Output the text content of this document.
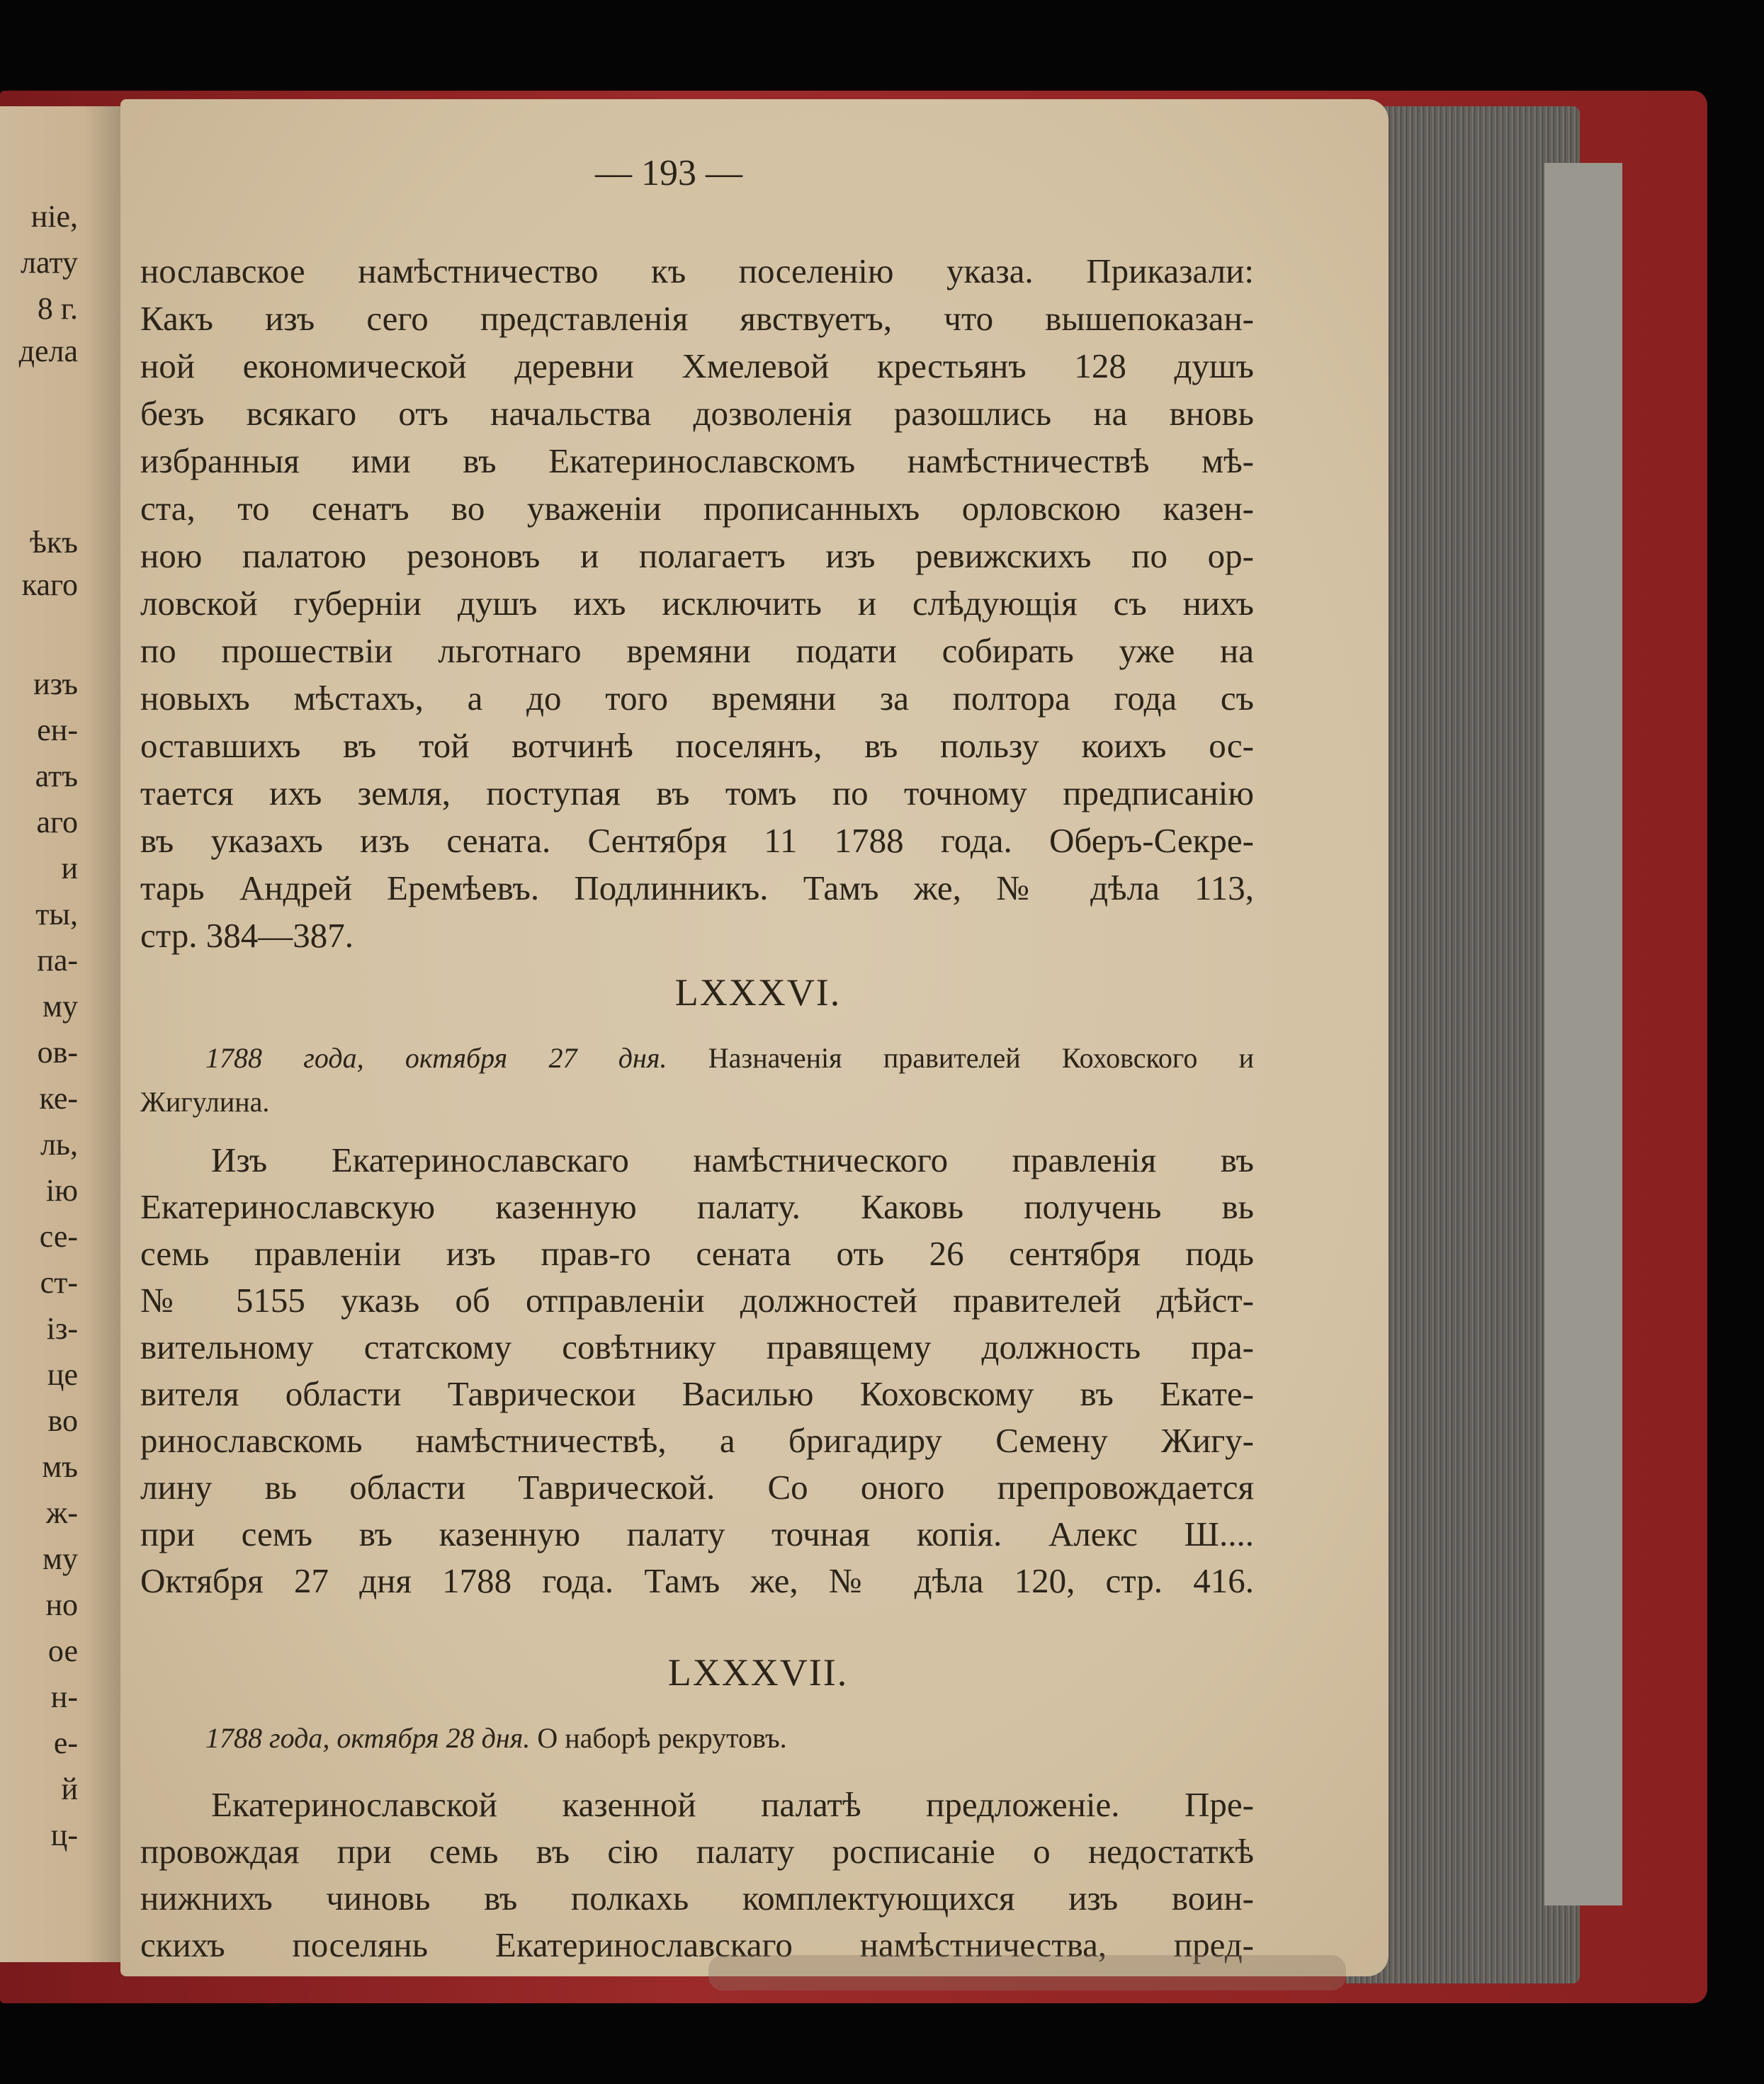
ніе,
лату
8 г.
дела
ѣкъ
каго
изъ
ен-
атъ
аго
и
ты,
па-
му
ов-
ке-
ль,
ію
се-
ст-
із-
це
во
мъ
ж-
му
но
ое
н-
е-
й
ц-
— 193 —
нославское намѣстничество къ поселенію указа. Приказали:
Какъ изъ сего представленія явствуетъ, что вышепоказан-
ной економической деревни Хмелевой крестьянъ 128 душъ
безъ всякаго отъ начальства дозволенія разошлись на вновь
избранныя ими въ Екатеринославскомъ намѣстничествѣ мѣ-
ста, то сенатъ во уваженіи прописанныхъ орловскою казен-
ною палатою резоновъ и полагаетъ изъ ревижскихъ по ор-
ловской губерніи душъ ихъ исключить и слѣдующія съ нихъ
по прошествіи льготнаго времяни подати собирать уже на
новыхъ мѣстахъ, а до того времяни за полтора года съ
оставшихъ въ той вотчинѣ поселянъ, въ пользу коихъ ос-
тается ихъ земля, поступая въ томъ по точному предписанію
въ указахъ изъ сената. Сентября 11 1788 года. Оберъ-Секре-
тарь Андрей Еремѣевъ. Подлинникъ. Тамъ же, № дѣла 113,
стр. 384—387.
LXXXVI.
1788 года, октября 27 дня. Назначенія правителей Коховского и
Жигулина.
Изъ Екатеринославскаго намѣстнического правленія въ
Екатеринославскую казенную палату. Каковь получень вь
семь правленіи изъ прав-го сената оть 26 сентября подь
№ 5155 указь об отправленіи должностей правителей дѣйст-
вительному статскому совѣтнику правящему должность пра-
вителя области Таврическои Василью Коховскому въ Екате-
ринославскомь намѣстничествѣ, а бригадиру Семену Жигу-
лину вь области Таврической. Со оного препровождается
при семъ въ казенную палату точная копія. Алекс Ш....
Октября 27 дня 1788 года. Тамъ же, № дѣла 120, стр. 416.
LXXXVII.
1788 года, октября 28 дня. О наборѣ рекрутовъ.
Екатеринославской казенной палатѣ предложеніе. Пре-
провождая при семь въ сію палату росписаніе о недостаткѣ
нижнихъ чиновь въ полкахь комплектующихся изъ воин-
скихъ поселянь Екатеринославскаго намѣстничества, пред-
